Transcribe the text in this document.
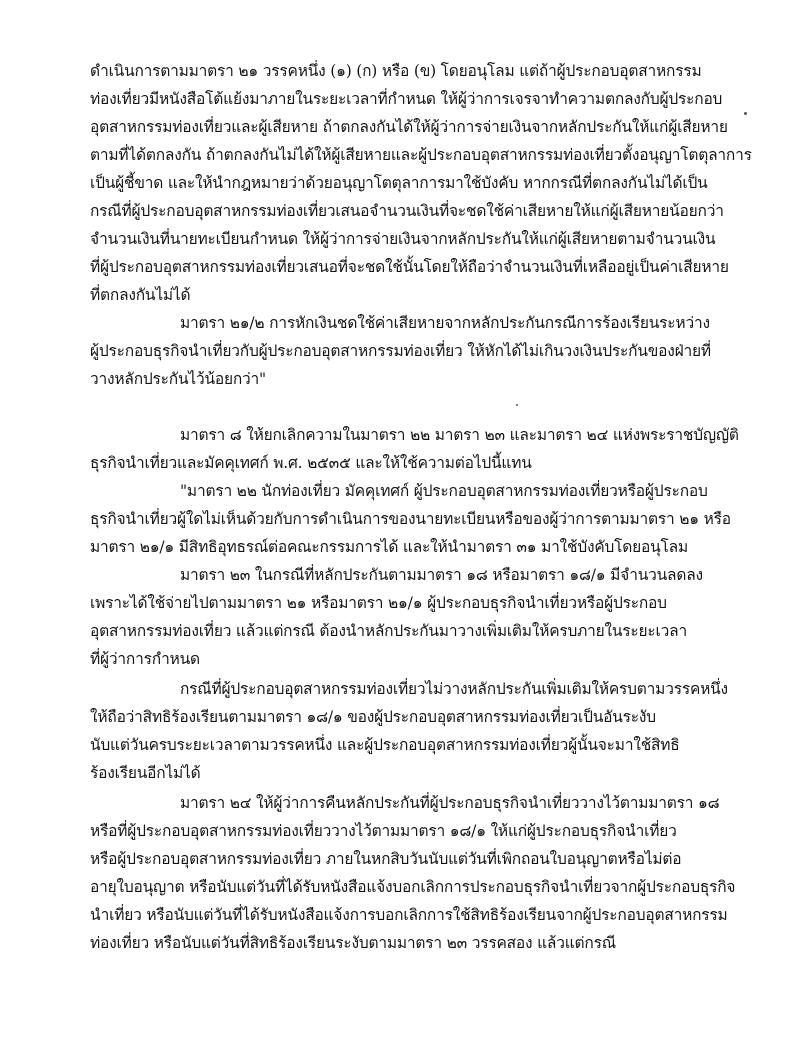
ดำเนินการตามมาตรา ๒๑ วรรคหนึ่ง (๑) (ก) หรือ (ข) โดยอนุโลม แต่ถ้าผู้ประกอบอุตสาหกรรม
ท่องเที่ยวมีหนังสือโต้แย้งมาภายในระยะเวลาที่กำหนด ให้ผู้ว่าการเจรจาทำความตกลงกับผู้ประกอบ
อุตสาหกรรมท่องเที่ยวและผู้เสียหาย ถ้าตกลงกันได้ให้ผู้ว่าการจ่ายเงินจากหลักประกันให้แก่ผู้เสียหาย
ตามที่ได้ตกลงกัน ถ้าตกลงกันไม่ได้ให้ผู้เสียหายและผู้ประกอบอุตสาหกรรมท่องเที่ยวตั้งอนุญาโตตุลาการ
เป็นผู้ชี้ขาด และให้นำกฎหมายว่าด้วยอนุญาโตตุลาการมาใช้บังคับ หากกรณีที่ตกลงกันไม่ได้เป็น
กรณีที่ผู้ประกอบอุตสาหกรรมท่องเที่ยวเสนอจำนวนเงินที่จะชดใช้ค่าเสียหายให้แก่ผู้เสียหายน้อยกว่า
จำนวนเงินที่นายทะเบียนกำหนด ให้ผู้ว่าการจ่ายเงินจากหลักประกันให้แก่ผู้เสียหายตามจำนวนเงิน
ที่ผู้ประกอบอุตสาหกรรมท่องเที่ยวเสนอที่จะชดใช้นั้นโดยให้ถือว่าจำนวนเงินที่เหลืออยู่เป็นค่าเสียหาย
ที่ตกลงกันไม่ได้
มาตรา ๒๑/๒ การหักเงินชดใช้ค่าเสียหายจากหลักประกันกรณีการร้องเรียนระหว่าง
ผู้ประกอบธุรกิจนำเที่ยวกับผู้ประกอบอุตสาหกรรมท่องเที่ยว ให้หักได้ไม่เกินวงเงินประกันของฝ่ายที่
วางหลักประกันไว้น้อยกว่า"
มาตรา ๘ ให้ยกเลิกความในมาตรา ๒๒ มาตรา ๒๓ และมาตรา ๒๔ แห่งพระราชบัญญัติ
ธุรกิจนำเที่ยวและมัคคุเทศก์ พ.ศ. ๒๕๓๕ และให้ใช้ความต่อไปนี้แทน
"มาตรา ๒๒ นักท่องเที่ยว มัคคุเทศก์ ผู้ประกอบอุตสาหกรรมท่องเที่ยวหรือผู้ประกอบ
ธุรกิจนำเที่ยวผู้ใดไม่เห็นด้วยกับการดำเนินการของนายทะเบียนหรือของผู้ว่าการตามมาตรา ๒๑ หรือ
มาตรา ๒๑/๑ มีสิทธิอุทธรณ์ต่อคณะกรรมการได้ และให้นำมาตรา ๓๑ มาใช้บังคับโดยอนุโลม
มาตรา ๒๓ ในกรณีที่หลักประกันตามมาตรา ๑๘ หรือมาตรา ๑๘/๑ มีจำนวนลดลง
เพราะได้ใช้จ่ายไปตามมาตรา ๒๑ หรือมาตรา ๒๑/๑ ผู้ประกอบธุรกิจนำเที่ยวหรือผู้ประกอบ
อุตสาหกรรมท่องเที่ยว แล้วแต่กรณี ต้องนำหลักประกันมาวางเพิ่มเติมให้ครบภายในระยะเวลา
ที่ผู้ว่าการกำหนด
กรณีที่ผู้ประกอบอุตสาหกรรมท่องเที่ยวไม่วางหลักประกันเพิ่มเติมให้ครบตามวรรคหนึ่ง
ให้ถือว่าสิทธิร้องเรียนตามมาตรา ๑๘/๑ ของผู้ประกอบอุตสาหกรรมท่องเที่ยวเป็นอันระงับ
นับแต่วันครบระยะเวลาตามวรรคหนึ่ง และผู้ประกอบอุตสาหกรรมท่องเที่ยวผู้นั้นจะมาใช้สิทธิ
ร้องเรียนอีกไม่ได้
มาตรา ๒๔ ให้ผู้ว่าการคืนหลักประกันที่ผู้ประกอบธุรกิจนำเที่ยววางไว้ตามมาตรา ๑๘
หรือที่ผู้ประกอบอุตสาหกรรมท่องเที่ยววางไว้ตามมาตรา ๑๘/๑ ให้แก่ผู้ประกอบธุรกิจนำเที่ยว
หรือผู้ประกอบอุตสาหกรรมท่องเที่ยว ภายในหกสิบวันนับแต่วันที่เพิกถอนใบอนุญาตหรือไม่ต่อ
อายุใบอนุญาต หรือนับแต่วันที่ได้รับหนังสือแจ้งบอกเลิกการประกอบธุรกิจนำเที่ยวจากผู้ประกอบธุรกิจ
นำเที่ยว หรือนับแต่วันที่ได้รับหนังสือแจ้งการบอกเลิกการใช้สิทธิร้องเรียนจากผู้ประกอบอุตสาหกรรม
ท่องเที่ยว หรือนับแต่วันที่สิทธิร้องเรียนระงับตามมาตรา ๒๓ วรรคสอง แล้วแต่กรณี
